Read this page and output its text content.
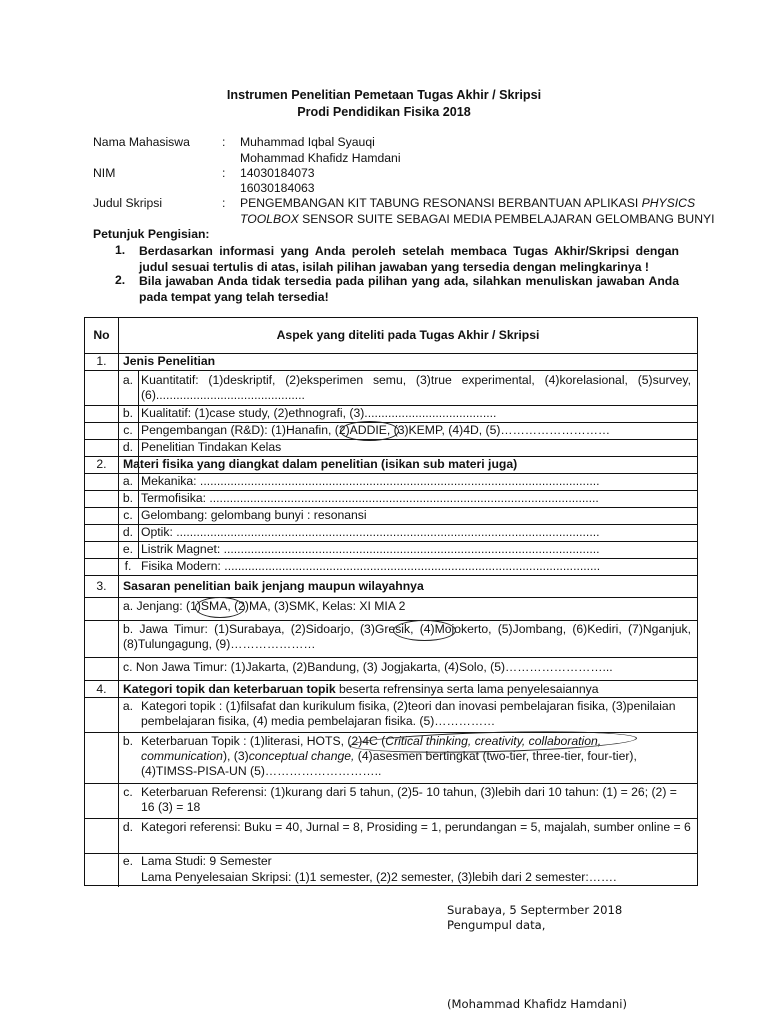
Instrumen Penelitian Pemetaan Tugas Akhir / Skripsi
Prodi Pendidikan Fisika 2018
Nama Mahasiswa	: Muhammad Iqbal Syauqi
Mohammad Khafidz Hamdani
NIM	: 14030184073
16030184063
Judul Skripsi	: PENGEMBANGAN KIT TABUNG RESONANSI BERBANTUAN APLIKASI PHYSICS
TOOLBOX SENSOR SUITE SEBAGAI MEDIA PEMBELAJARAN GELOMBANG BUNYI
Petunjuk Pengisian:
1. Berdasarkan informasi yang Anda peroleh setelah membaca Tugas Akhir/Skripsi dengan judul sesuai tertulis di atas, isilah pilihan jawaban yang tersedia dengan melingkarinya !
2. Bila jawaban Anda tidak tersedia pada pilihan yang ada, silahkan menuliskan jawaban Anda pada tempat yang telah tersedia!
No	Aspek yang diteliti pada Tugas Akhir / Skripsi
1.	Jenis Penelitian
a. Kuantitatif: (1)deskriptif, (2)eksperimen semu, (3)true experimental, (4)korelasional, (5)survey, (6)............................................
b. Kualitatif: (1)case study, (2)ethnografi, (3).......................................
c. Pengembangan (R&D): (1)Hanafin, (2)ADDIE, (3)KEMP, (4)4D, (5)………………………
d. Penelitian Tindakan Kelas
2.	Materi fisika yang diangkat dalam penelitian (isikan sub materi juga)
a. Mekanika: ......................................................................................................................
b. Termofisika: ...................................................................................................................
c. Gelombang: gelombang bunyi : resonansi
d. Optik: .............................................................................................................................
e. Listrik Magnet: ...............................................................................................................
f. Fisika Modern: ...............................................................................................................
3.	Sasaran penelitian baik jenjang maupun wilayahnya
a. Jenjang: (1)SMA, (2)MA, (3)SMK, Kelas: XI MIA 2
b. Jawa Timur: (1)Surabaya, (2)Sidoarjo, (3)Gresik, (4)Mojokerto, (5)Jombang, (6)Kediri, (7)Nganjuk, (8)Tulungagung, (9)…………………
c. Non Jawa Timur: (1)Jakarta, (2)Bandung, (3) Jogjakarta, (4)Solo, (5)……………………...
4.	Kategori topik dan keterbaruan topik beserta refrensinya serta lama penyelesaiannya
a. Kategori topik : (1)filsafat dan kurikulum fisika, (2)teori dan inovasi pembelajaran fisika, (3)penilaian pembelajaran fisika, (4) media pembelajaran fisika. (5)……………
b. Keterbaruan Topik : (1)literasi, HOTS, (2)4C (Critical thinking, creativity, collaboration, communication), (3)conceptual change, (4)asesmen bertingkat (two-tier, three-tier, four-tier), (4)TIMSS-PISA-UN (5)………………………..
c. Keterbaruan Referensi: (1)kurang dari 5 tahun, (2)5- 10 tahun, (3)lebih dari 10 tahun: (1) = 26; (2) = 16 (3) = 18
d. Kategori referensi: Buku = 40, Jurnal = 8, Prosiding = 1, perundangan = 5, majalah, sumber online = 6
e. Lama Studi: 9 Semester
Lama Penyelesaian Skripsi: (1)1 semester, (2)2 semester, (3)lebih dari 2 semester:…….
Surabaya, 5 Septermber 2018
Pengumpul data,
(Mohammad Khafidz Hamdani)
